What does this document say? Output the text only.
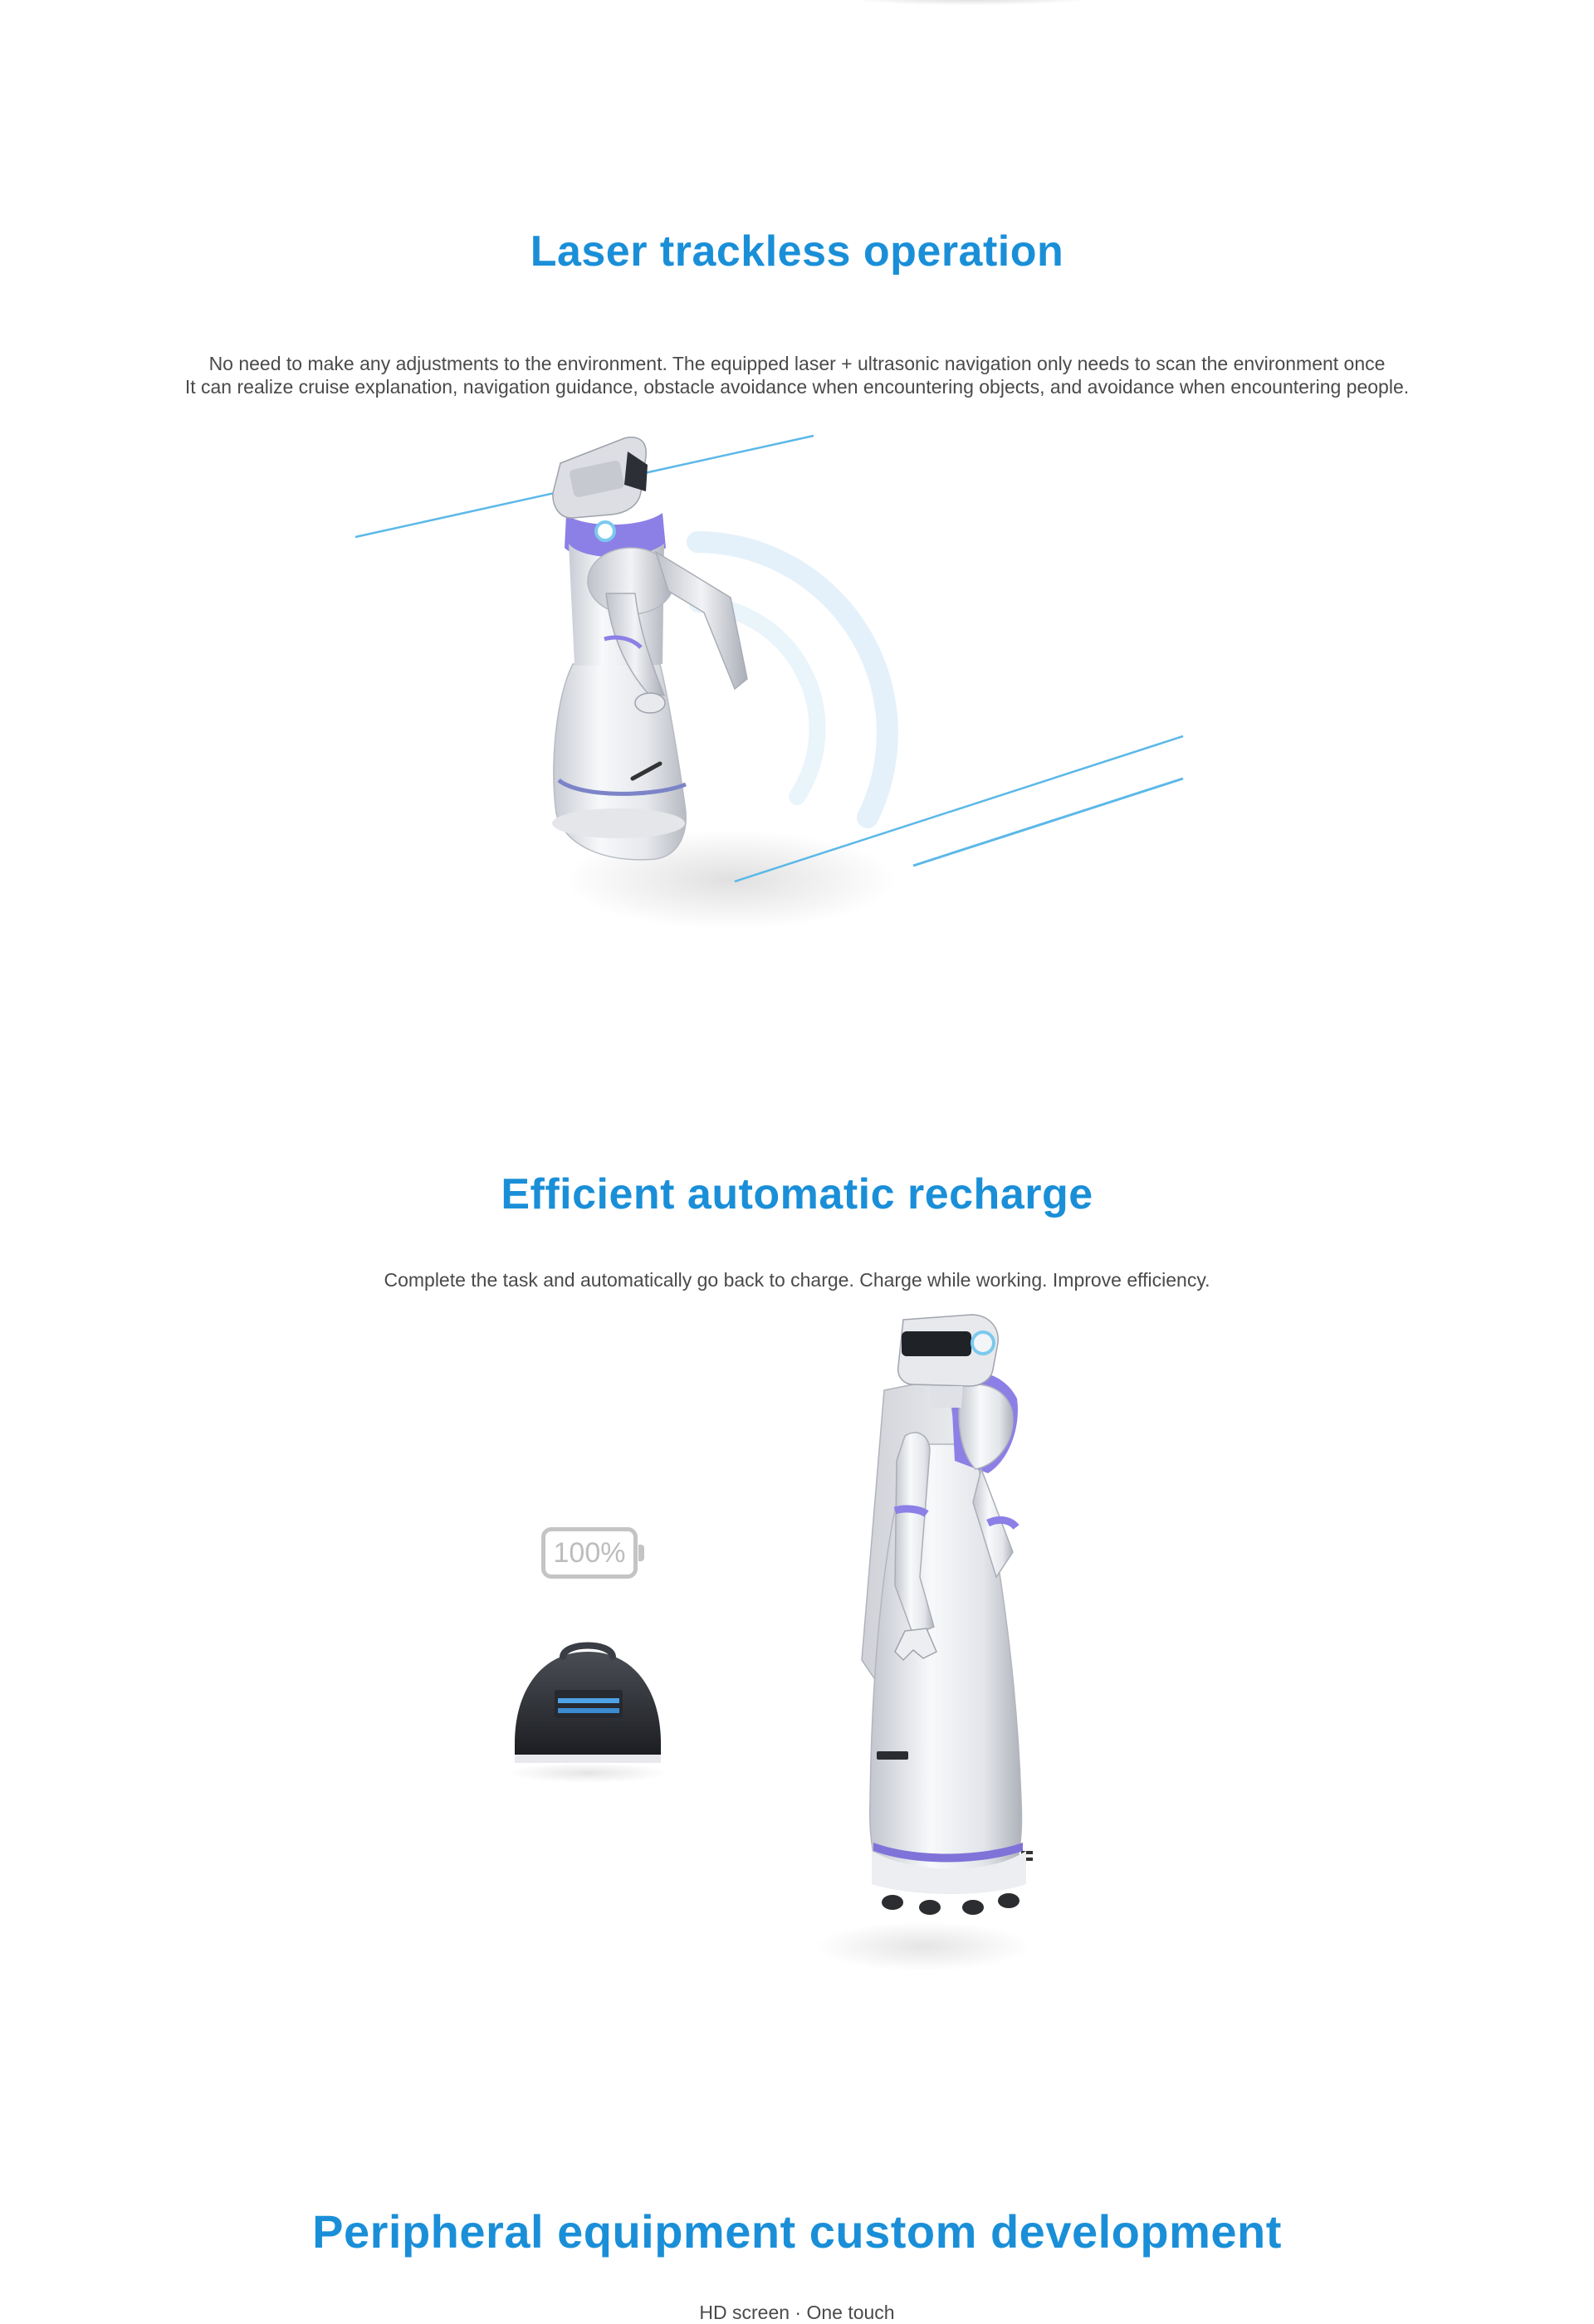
Laser trackless operation

No need to make any adjustments to the environment. The equipped laser + ultrasonic navigation only needs to scan the environment once

It can realize cruise explanation, navigation guidance, obstacle avoidance when encountering objects, and avoidance when encountering people.

Efficient automatic recharge

Complete the task and automatically go back to charge. Charge while working. Improve efficiency.

100%
Peripheral equipment custom development

HD screen · One touch
